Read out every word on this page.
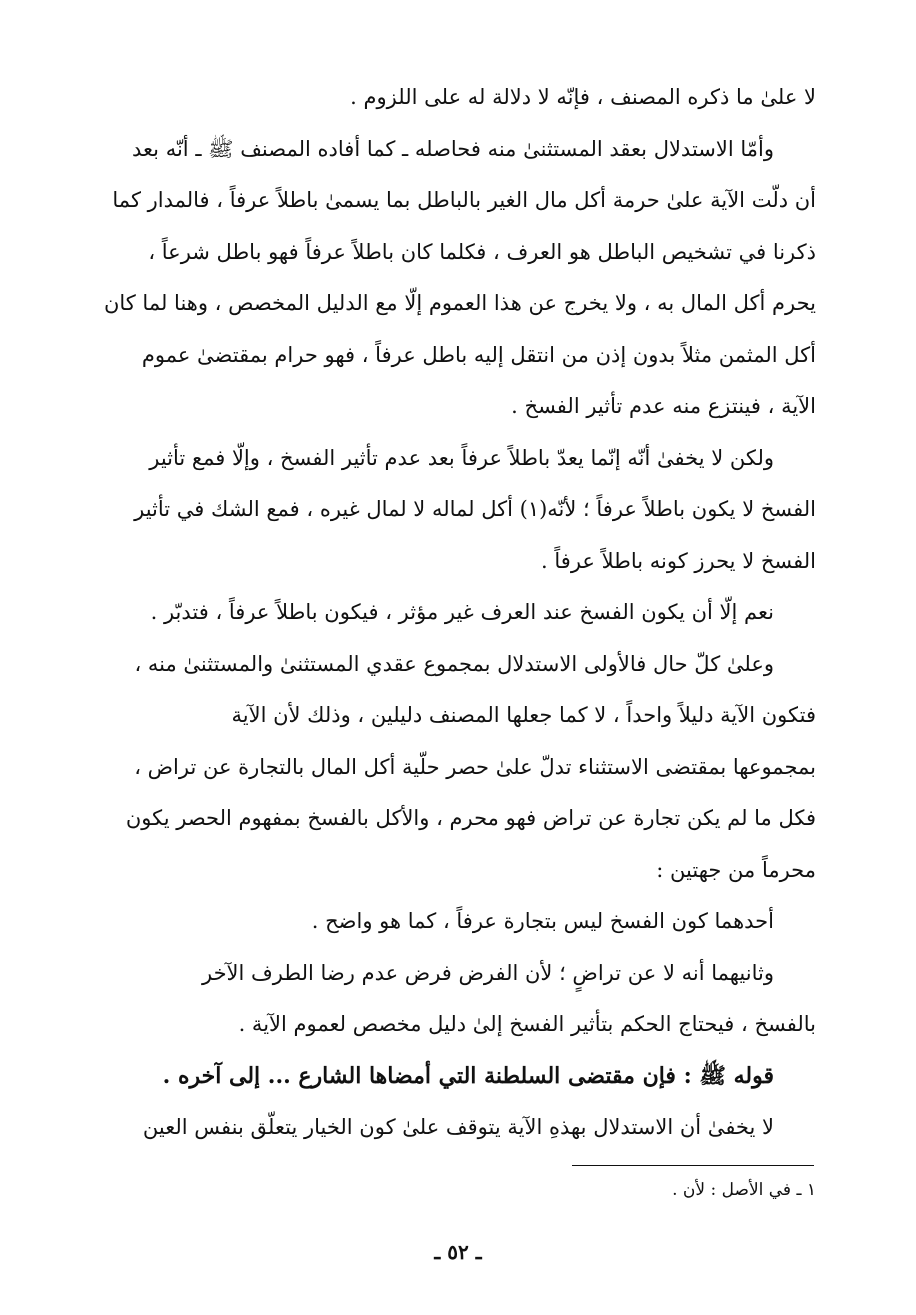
لا علىٰ ما ذكره المصنف ، فإنّه لا دلالة له على اللزوم .
وأمّا الاستدلال بعقد المستثنىٰ منه فحاصله ـ كما أفاده المصنف ﷺ ـ أنّه بعد
أن دلّت الآية علىٰ حرمة أكل مال الغير بالباطل بما يسمىٰ باطلاً عرفاً ، فالمدار كما
ذكرنا في تشخيص الباطل هو العرف ، فكلما كان باطلاً عرفاً فهو باطل شرعاً ،
يحرم أكل المال به ، ولا يخرج عن هذا العموم إلّا مع الدليل المخصص ، وهنا لما كان
أكل المثمن مثلاً بدون إذن من انتقل إليه باطل عرفاً ، فهو حرام بمقتضىٰ عموم
الآية ، فينتزع منه عدم تأثير الفسخ .
ولكن لا يخفىٰ أنّه إنّما يعدّ باطلاً عرفاً بعد عدم تأثير الفسخ ، وإلّا فمع تأثير
الفسخ لا يكون باطلاً عرفاً ؛ لأنّه(١) أكل لماله لا لمال غيره ، فمع الشك في تأثير
الفسخ لا يحرز كونه باطلاً عرفاً .
نعم إلّا أن يكون الفسخ عند العرف غير مؤثر ، فيكون باطلاً عرفاً ، فتدبّر .
وعلىٰ كلّ حال فالأولى الاستدلال بمجموع عقدي المستثنىٰ والمستثنىٰ منه ،
فتكون الآية دليلاً واحداً ، لا كما جعلها المصنف دليلين ، وذلك لأن الآية
بمجموعها بمقتضى الاستثناء تدلّ علىٰ حصر حلّية أكل المال بالتجارة عن تراض ،
فكل ما لم يكن تجارة عن تراض فهو محرم ، والأكل بالفسخ بمفهوم الحصر يكون
محرماً من جهتين :
أحدهما كون الفسخ ليس بتجارة عرفاً ، كما هو واضح .
وثانيهما أنه لا عن تراضٍ ؛ لأن الفرض فرض عدم رضا الطرف الآخر
بالفسخ ، فيحتاج الحكم بتأثير الفسخ إلىٰ دليل مخصص لعموم الآية .
قوله ﷺ : فإن مقتضى السلطنة التي أمضاها الشارع ... إلى آخره .
لا يخفىٰ أن الاستدلال بهذهِ الآية يتوقف علىٰ كون الخيار يتعلّق بنفس العين
١ ـ في الأصل : لأن .
ـ ٥٢ ـ
